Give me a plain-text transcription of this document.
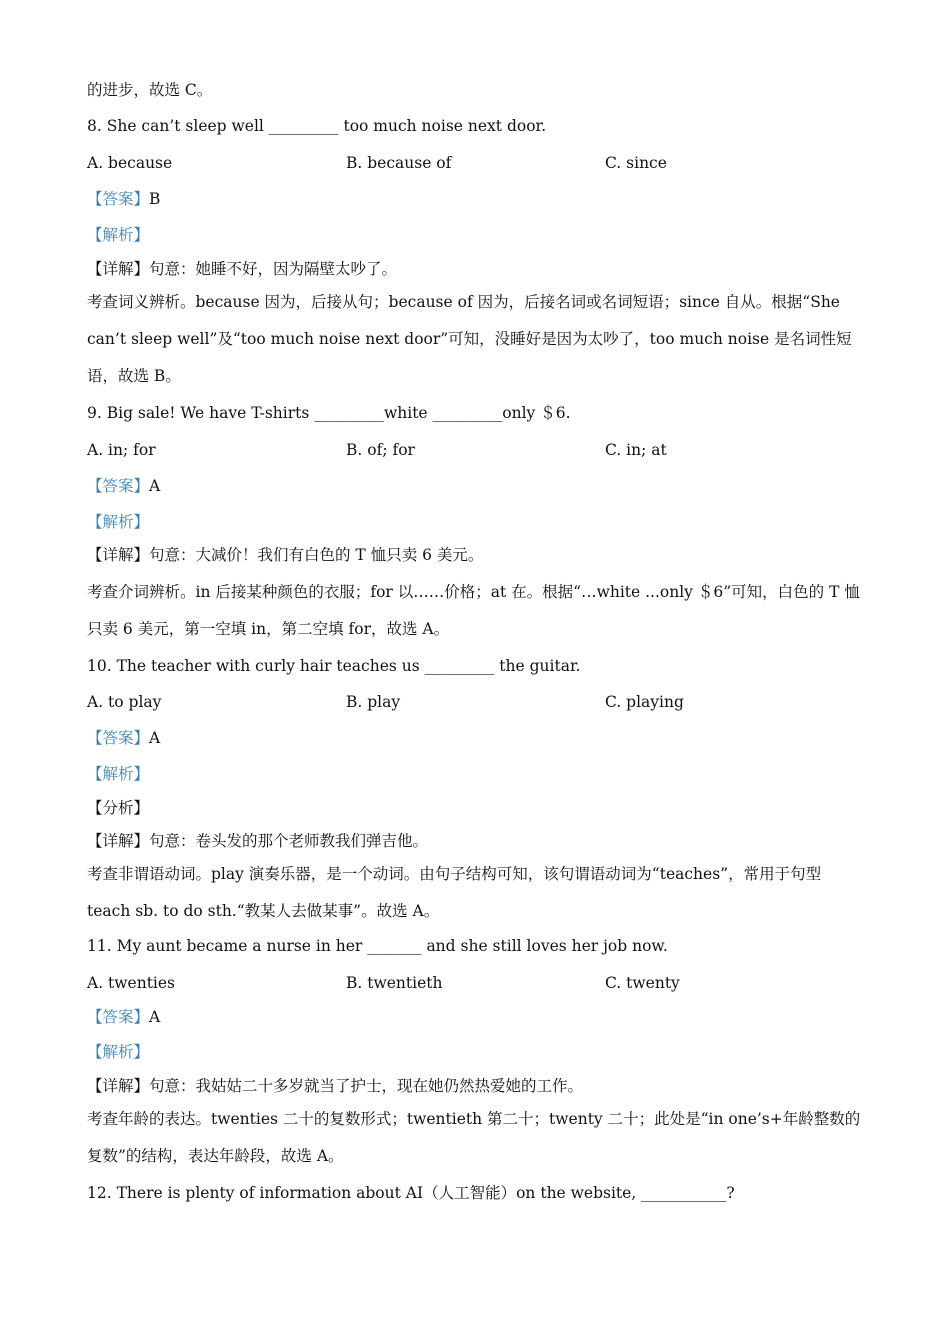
的进步，故选 C。
8. She can’t sleep well _________ too much noise next door.
A. because	B. because of	C. since
【答案】B
【解析】
【详解】句意：她睡不好，因为隔壁太吵了。
考查词义辨析。because 因为，后接从句；because of 因为，后接名词或名词短语；since 自从。根据“She can’t sleep well”及“too much noise next door”可知，没睡好是因为太吵了，too much noise 是名词性短语，故选 B。
9. Big sale! We have T-shirts _________white _________only ＄6.
A. in; for	B. of; for	C. in; at
【答案】A
【解析】
【详解】句意：大减价！我们有白色的 T 恤只卖 6 美元。
考查介词辨析。in 后接某种颜色的衣服；for 以……价格；at 在。根据“…white ...only ＄6”可知，白色的 T 恤只卖 6 美元，第一空填 in，第二空填 for，故选 A。
10. The teacher with curly hair teaches us _________ the guitar.
A. to play	B. play	C. playing
【答案】A
【解析】
【分析】
【详解】句意：卷头发的那个老师教我们弹吉他。
考查非谓语动词。play 演奏乐器，是一个动词。由句子结构可知，该句谓语动词为“teaches”，常用于句型 teach sb. to do sth.“教某人去做某事”。故选 A。
11. My aunt became a nurse in her _______ and she still loves her job now.
A. twenties	B. twentieth	C. twenty
【答案】A
【解析】
【详解】句意：我姑姑二十多岁就当了护士，现在她仍然热爱她的工作。
考查年龄的表达。twenties 二十的复数形式；twentieth 第二十；twenty 二十；此处是“in one’s+年龄整数的复数”的结构，表达年龄段，故选 A。
12. There is plenty of information about AI（人工智能）on the website, ___________?
